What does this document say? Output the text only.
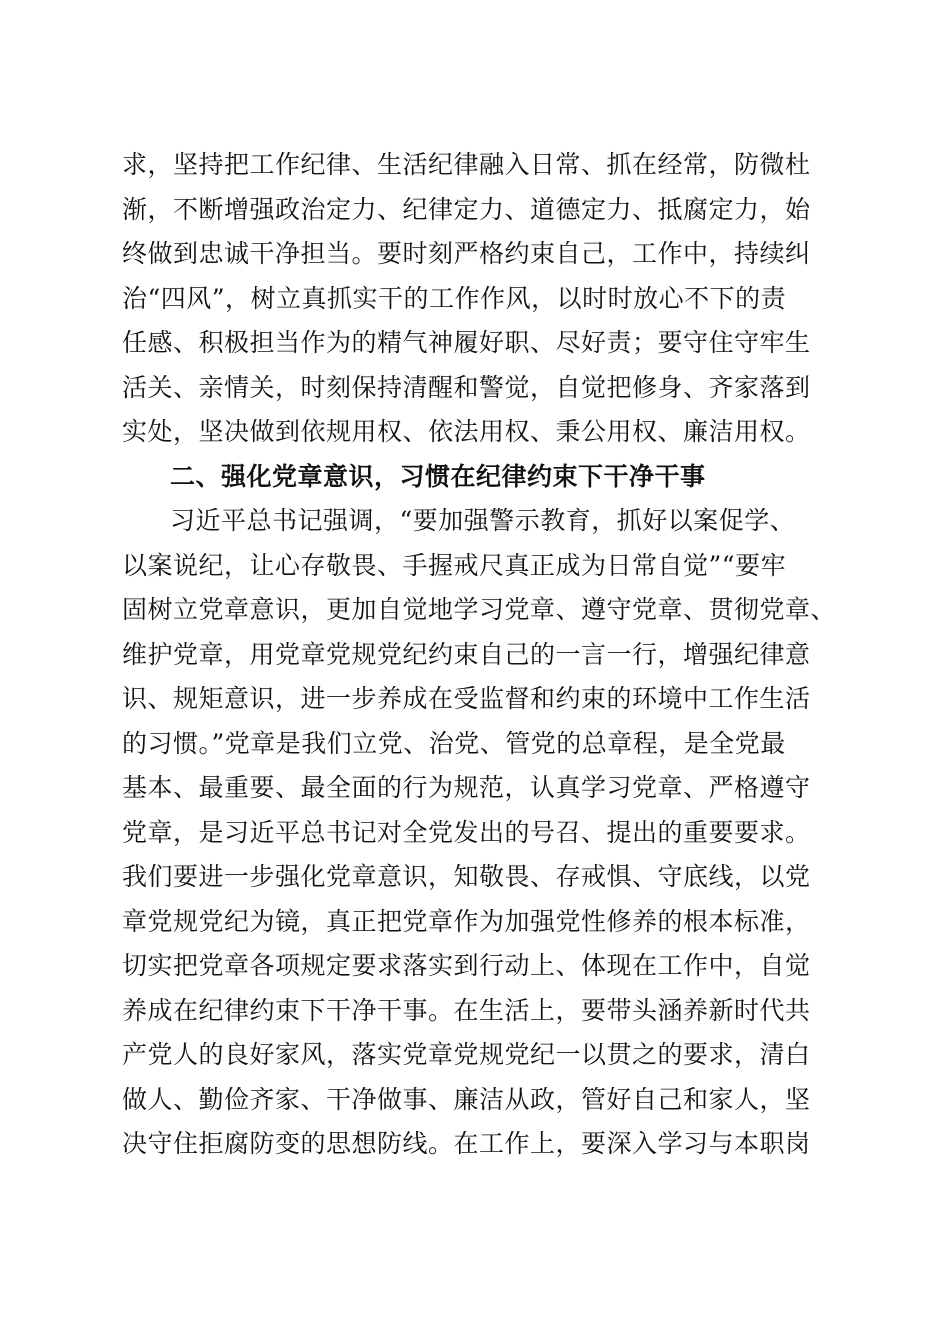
求，坚持把工作纪律、生活纪律融入日常、抓在经常，防微杜
渐，不断增强政治定力、纪律定力、道德定力、抵腐定力，始
终做到忠诚干净担当。要时刻严格约束自己，工作中，持续纠
治“四风”，树立真抓实干的工作作风，以时时放心不下的责
任感、积极担当作为的精气神履好职、尽好责；要守住守牢生
活关、亲情关，时刻保持清醒和警觉，自觉把修身、齐家落到
实处，坚决做到依规用权、依法用权、秉公用权、廉洁用权。
二、强化党章意识，习惯在纪律约束下干净干事
习近平总书记强调，“要加强警示教育，抓好以案促学、
以案说纪，让心存敬畏、手握戒尺真正成为日常自觉”“要牢
固树立党章意识，更加自觉地学习党章、遵守党章、贯彻党章、
维护党章，用党章党规党纪约束自己的一言一行，增强纪律意
识、规矩意识，进一步养成在受监督和约束的环境中工作生活
的习惯。”党章是我们立党、治党、管党的总章程，是全党最
基本、最重要、最全面的行为规范，认真学习党章、严格遵守
党章，是习近平总书记对全党发出的号召、提出的重要要求。
我们要进一步强化党章意识，知敬畏、存戒惧、守底线，以党
章党规党纪为镜，真正把党章作为加强党性修养的根本标准，
切实把党章各项规定要求落实到行动上、体现在工作中，自觉
养成在纪律约束下干净干事。在生活上，要带头涵养新时代共
产党人的良好家风，落实党章党规党纪一以贯之的要求，清白
做人、勤俭齐家、干净做事、廉洁从政，管好自己和家人，坚
决守住拒腐防变的思想防线。在工作上，要深入学习与本职岗
